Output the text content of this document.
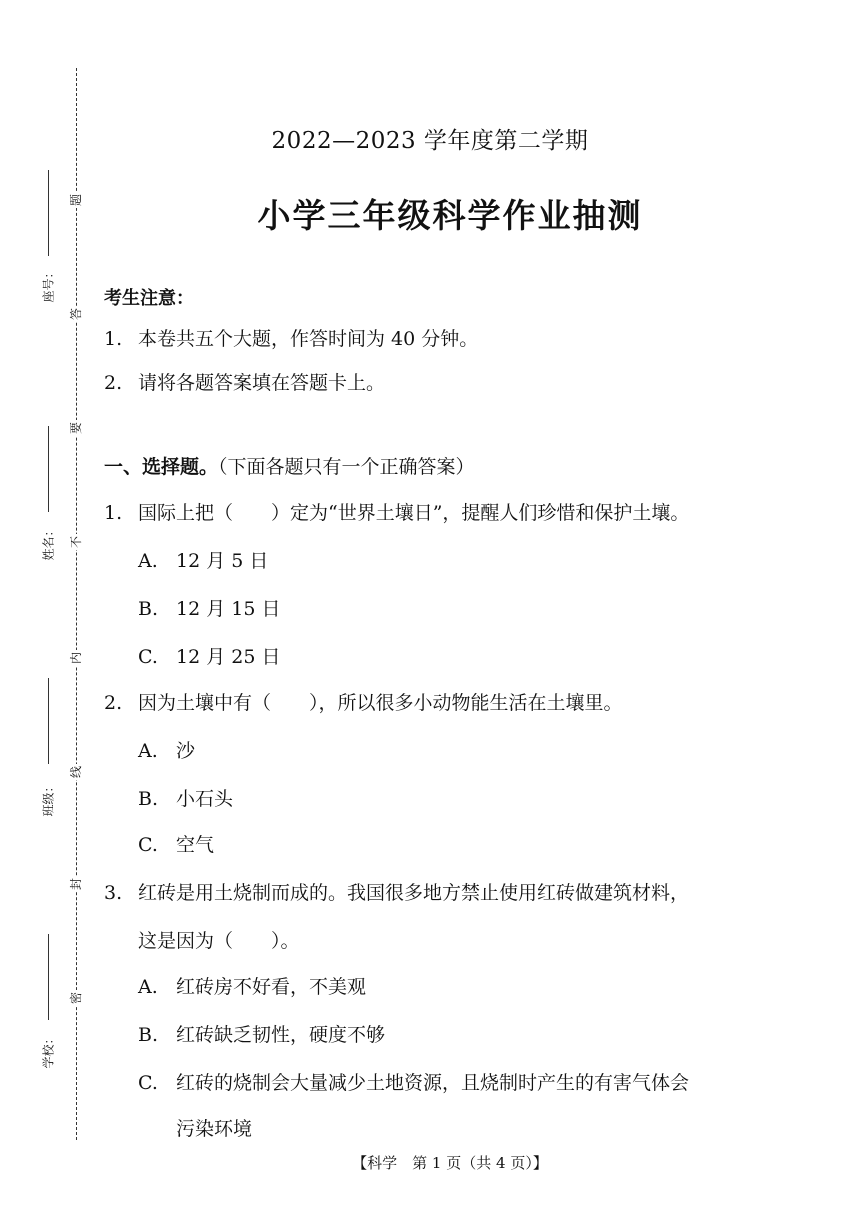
题
答
要
不
内
线
封
密
座号：
姓名：
班级：
学校：
2022—2023 学年度第二学期
小学三年级科学作业抽测
考生注意：
1. 本卷共五个大题，作答时间为 40 分钟。
2. 请将各题答案填在答题卡上。
一、选择题。（下面各题只有一个正确答案）
1. 国际上把（　　）定为“世界土壤日”，提醒人们珍惜和保护土壤。
A. 12 月 5 日
B. 12 月 15 日
C. 12 月 25 日
2. 因为土壤中有（　　），所以很多小动物能生活在土壤里。
A. 沙
B. 小石头
C. 空气
3. 红砖是用土烧制而成的。我国很多地方禁止使用红砖做建筑材料，
这是因为（　　）。
A. 红砖房不好看，不美观
B. 红砖缺乏韧性，硬度不够
C. 红砖的烧制会大量减少土地资源，且烧制时产生的有害气体会
污染环境
【科学　第 1 页（共 4 页）】
